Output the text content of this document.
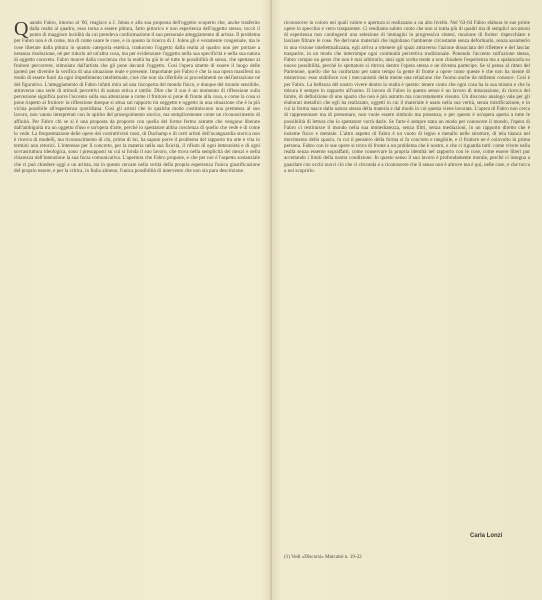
Quando Fabro, intorno al '60, reagisce a J. Johns e alla sua proposta dell'oggetto scoperto che, anche trasferito dalla realtà al quadro, esso torna a essere pittura, fatto pittorico e non esperienza dell'oggetto stesso, toccò il punto di maggiore lucidità da cui prendeva conformazione il suo personale atteggiamento di artista. Il problema per Fabro non è di come, ma di come usare le cose, e in questo la ricerca di J. Johns gli è veramente congeniale, ma le cose liberate dalla pittura in quanto categoria estetica, traducono l'oggetto dalla realtà al quadro non per portare a nessuna risoluzione, né per ridurlo ad un'altra cosa, ma per evidenziare l'oggetto nella sua specificità e nella sua natura di oggetto concreto. Fabro muove dalla coscienza che la realtà ha già in sé tutte le possibilità di senso, che spettano al fruitore percorrere, stimolato dall'artista che gli pone davanti l'oggetto. Cosi l'opera smette di essere il luogo delle ipotesi per divenire la verifica di una situazione reale e presente. Importante per Fabro è che la sua opera manifesti un modo di essere fuori da ogni impedimento intellettuale, cioè che non sia riferibile ai procedimenti ne dell'astrazione né del figurativo. L'atteggiamento di Fabro infatti mira ad una riscoperta del mondo fisico, e dunque del mondo sensibile, attraverso una serie di stimoli percettivi di natura ottica e tattile. Dire che il suo è un momento di riflessione sulla percezione significa porre l'accento sulla sua attenzione a come il fruitore si pone di fronte alla cosa, e come la cosa si pone rispetto al fruitore: la riflessione dunque si attua sul rapporto tra soggetto e oggetto in una situazione che è la più vicina possibile all'esperienza quotidiana. Così gli artisti che in qualche modo costituiscono una premessa al suo lavoro, non vanno interpretati con lo spirito del proseguimento storico, ma semplicemente come un riconoscimento di affinità. Per Fabro chi se si è una proposta da proporre con quella del forme fermo astratte che vengono liberate dall'ambiguità tra un oggetto d'uso e un'opera d'arte, perché lo spettatore abbia coscienza di quello che vede e di come lo vede. La frequentazione delle opere dei costruttivisti russi, di Duchamp e di certi artisti dell'avanguardia storica non è ricerca di modelli, ma riconoscimento di chi, prima di lui, ha saputo porre il problema del rapporto tra arte e vita in termini non retorici. L'interesse per il concreto, per la materia nella sua fisicità, il rifiuto di ogni letterarietà e di ogni sovrastruttura ideologica, sono i presupposti su cui si fonda il suo lavoro, che trova nella semplicità dei mezzi e nella chiarezza dell'intenzione la sua forza comunicativa. L'apertura che Fabro propone, e che per noi è l'aspetto sostanziale che ci può chiedere oggi a un artista, sta in questo cercare nella verità della propria esperienza l'unica giustificazione del proprio essere, e per la critica, in Italia almeno, l'unica possibilità di intervento che non sia pura descrizione.

riconoscere in coloro nei quali valore e apertura si realizzano a un alto livello. Nel '63-64 Fabro elabora le sue prime opere in specchio e vetro trasparente. Ci rendiamo subito conto che non si tratta più di quadri ma di semplici occasioni di esperienza non contingenti una selezione di immagini in progressiva sintesi, mozione di forme: rispecchiare e lasciare filtrare le cose. Ne derivano materiali che inglobano l'ambiente circostante senza deformarlo, senza assumerlo in una visione intellettualizzata, egli arriva a ottenere gli spazi attraverso l'azione dissociata del riflettere e del lasciar trasparire, in un modo che interrompe ogni continuità percettiva tradizionale. Ponendo l'accento sull'azione stessa, Fabro compie un gesto che non è mai arbitrario, anzi ogni scelta tende a non chiudere l'esperienza ma a spalancarla su nuove possibilità, perché lo spettatore si ritrova dentro l'opera stessa e ne diventa partecipe. Se si pensa al ritmo del Partenone, quello che ha confortato per tanto tempo la gente di fronte a opere come queste è che non ha niente di misterioso: esso stabilisce con i meccanismi della mente una relazione che l'uomo anche da millenni conosce. Così è per Fabro. La bellezza del nostro vivere dentro la realtà è questo: tenere conto che ogni cosa ha la sua misura e che la misura è sempre in rapporto all'uomo. Il lavoro di Fabro in questo senso è un lavoro di misurazione, di ricerca del limite, di definizione di uno spazio che non è più astratto ma concretamente vissuto. Un discorso analogo vale per gli elaborati metallici che egli ha realizzato, oggetti in cui il materiale è usato nella sua verità, senza mistificazione, e in cui la forma nasce dalla natura stessa della materia e dal modo in cui questa viene lavorata. L'opera di Fabro non cerca di rappresentare ma di presentare, non vuole essere simbolo ma presenza, e per questo è un'opera aperta a tutte le possibilità di lettura che lo spettatore vorrà darle. Se l'arte è sempre stata un modo per conoscere il mondo, l'opera di Fabro ci restituisce il mondo nella sua immediatezza, senza filtri, senza mediazioni, in un rapporto diretto che è insieme fisico e mentale. L'altro aspetto di Fabro è un vuoto di legno e metallo nelle strutture, di tela bianca nel movimento dello spazio, in cui il pensiero della forma si fa concreto e tangibile, e il fruitore ne è coinvolto in prima persona. Fabro con le sue opere si trova di fronte a un problema che è nostro, e che ci riguarda tutti: come vivere nella realtà senza esserne sopraffatti, come conservare la propria identità nel rapporto con le cose, come essere liberi pur accettando i limiti della nostra condizione. In questo senso il suo lavoro è profondamente morale, perché ci insegna a guardare con occhi nuovi ciò che ci circonda e a riconoscere che il senso non è altrove ma è qui, nelle cose, e che tocca a noi scoprirlo.

Carla Lonzi
(1) Vedi «Discorsi» Marcatré n. 19-22
